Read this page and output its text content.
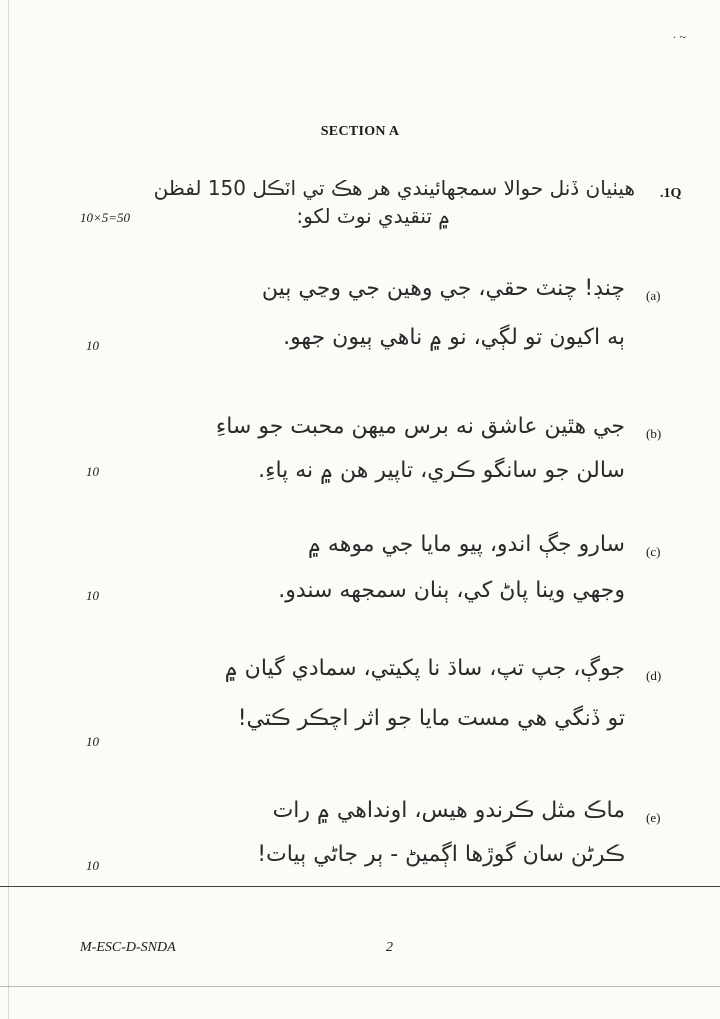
· ~
SECTION A
.1Q
هيٺيان ڏنل حوالا سمجهائيندي هر هڪ تي اٽڪل 150 لفظن
۾ تنقيدي نوٽ لکو:
10×5=50
(a)
چنڊ! چنٽ حقي، جي وهين جي وڃي ٻين
ٻه اکيون تو لڳي، نو ۾ ناهي ٻيون جھو.
10
(b)
جي هٿين عاشق نه برس ميهن محبت جو ساءِ
سالن جو سانگو ڪري، تاپير هن ۾ نه پاءِ.
10
(c)
سارو جڳ اندو، پيو مايا جي موهه ۾
وجهي وينا پاڻ کي، ٻنان سمجهه سندو.
10
(d)
جوڳ، جپ تپ، ساڌ نا پکيتي، سمادي گيان ۾
تو ڏنگي هي مست مايا جو اثر اچڪر ڪتي!
10
(e)
ماڪ مثل ڪرندو هيس، اونداهي ۾ رات
ڪرڻن سان گوڙها اڳميڻ - ٻر جاڻي ٻيات!
10
M-ESC-D-SNDA	2
